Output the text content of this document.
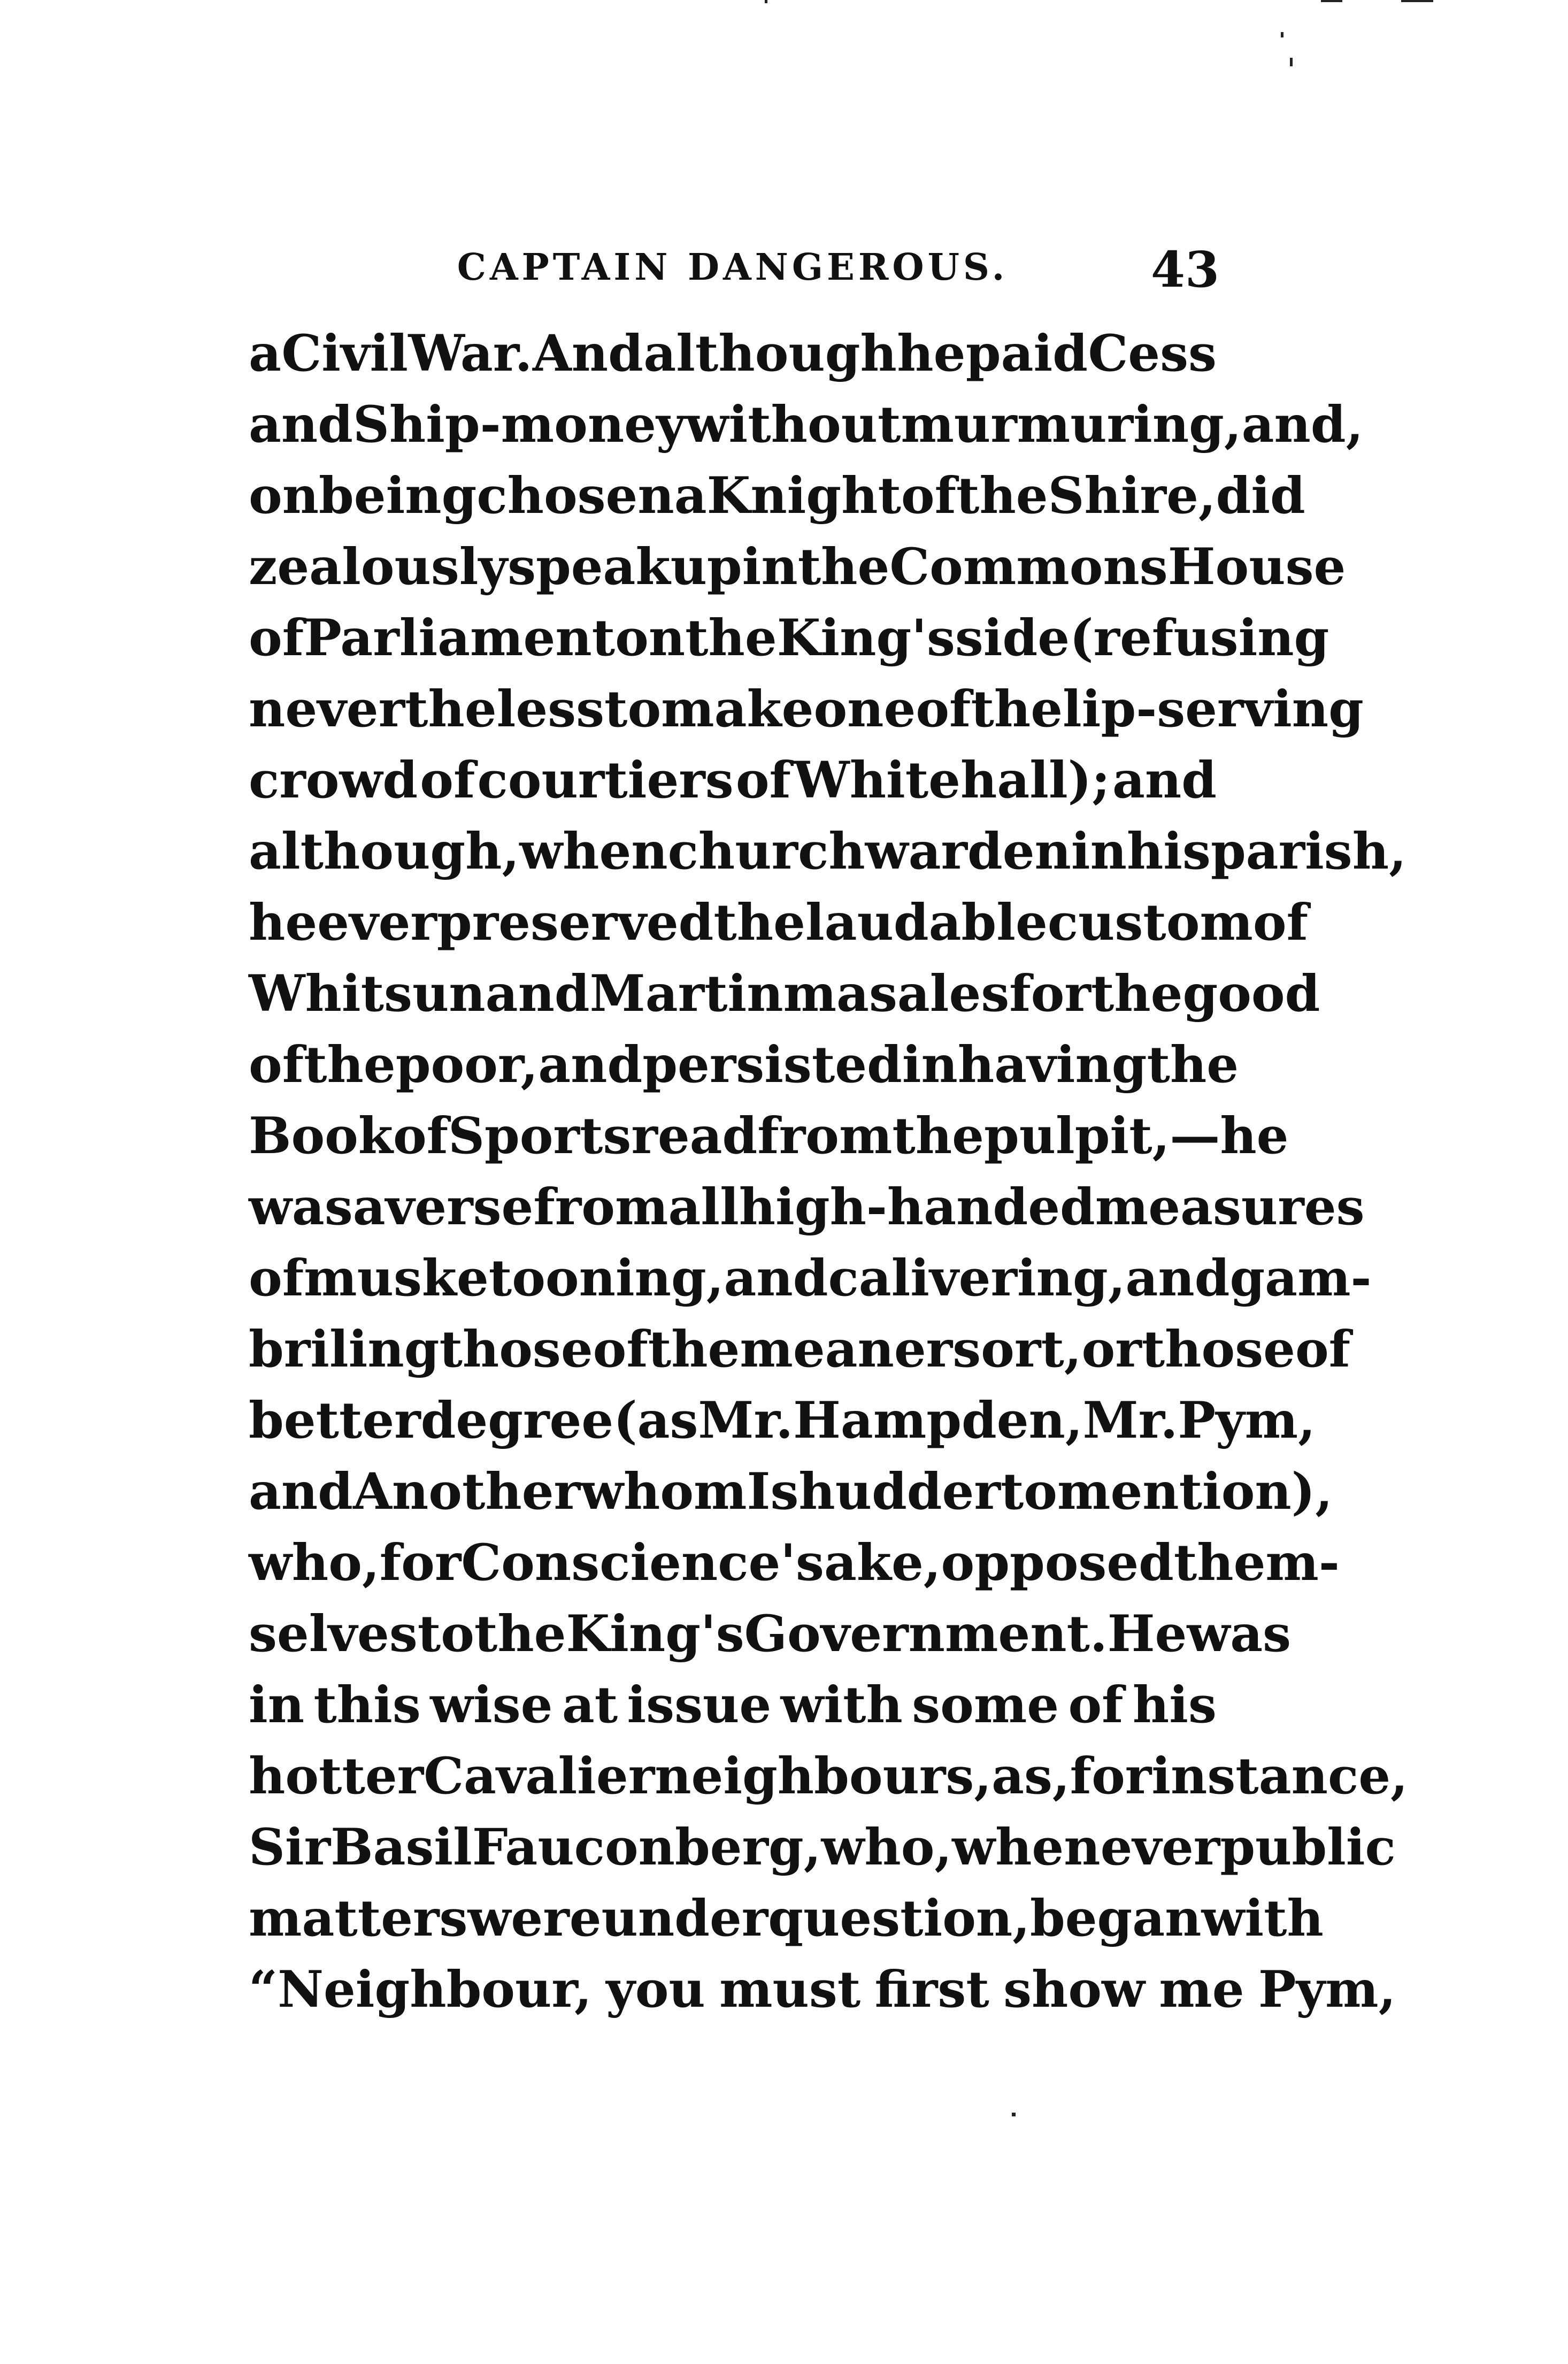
CAPTAIN DANGEROUS.	43
a Civil War. And although he paid Cess
and Ship-money without murmuring, and,
on being chosen a Knight of the Shire, did
zealously speak up in the Commons House
of Parliament on the King's side (refusing
nevertheless to make one of the lip-serving
crowd of courtiers of Whitehall); and
although, when churchwarden in his parish,
he ever preserved the laudable custom of
Whitsun and Martinmas ales for the good
of the poor, and persisted in having the
Book of Sports read from the pulpit,—he
was averse from all high-handed measures
of musketooning, and calivering, and gam-
briling those of the meaner sort, or those of
better degree (as Mr. Hampden, Mr. Pym,
and Another whom I shudder to mention),
who, for Conscience' sake, opposed them-
selves to the King's Government. He was
in this wise at issue with some of his
hotter Cavalier neighbours, as, for instance,
Sir Basil Fauconberg, who, whenever public
matters were under question, began with
“Neighbour, you must first show me Pym,
